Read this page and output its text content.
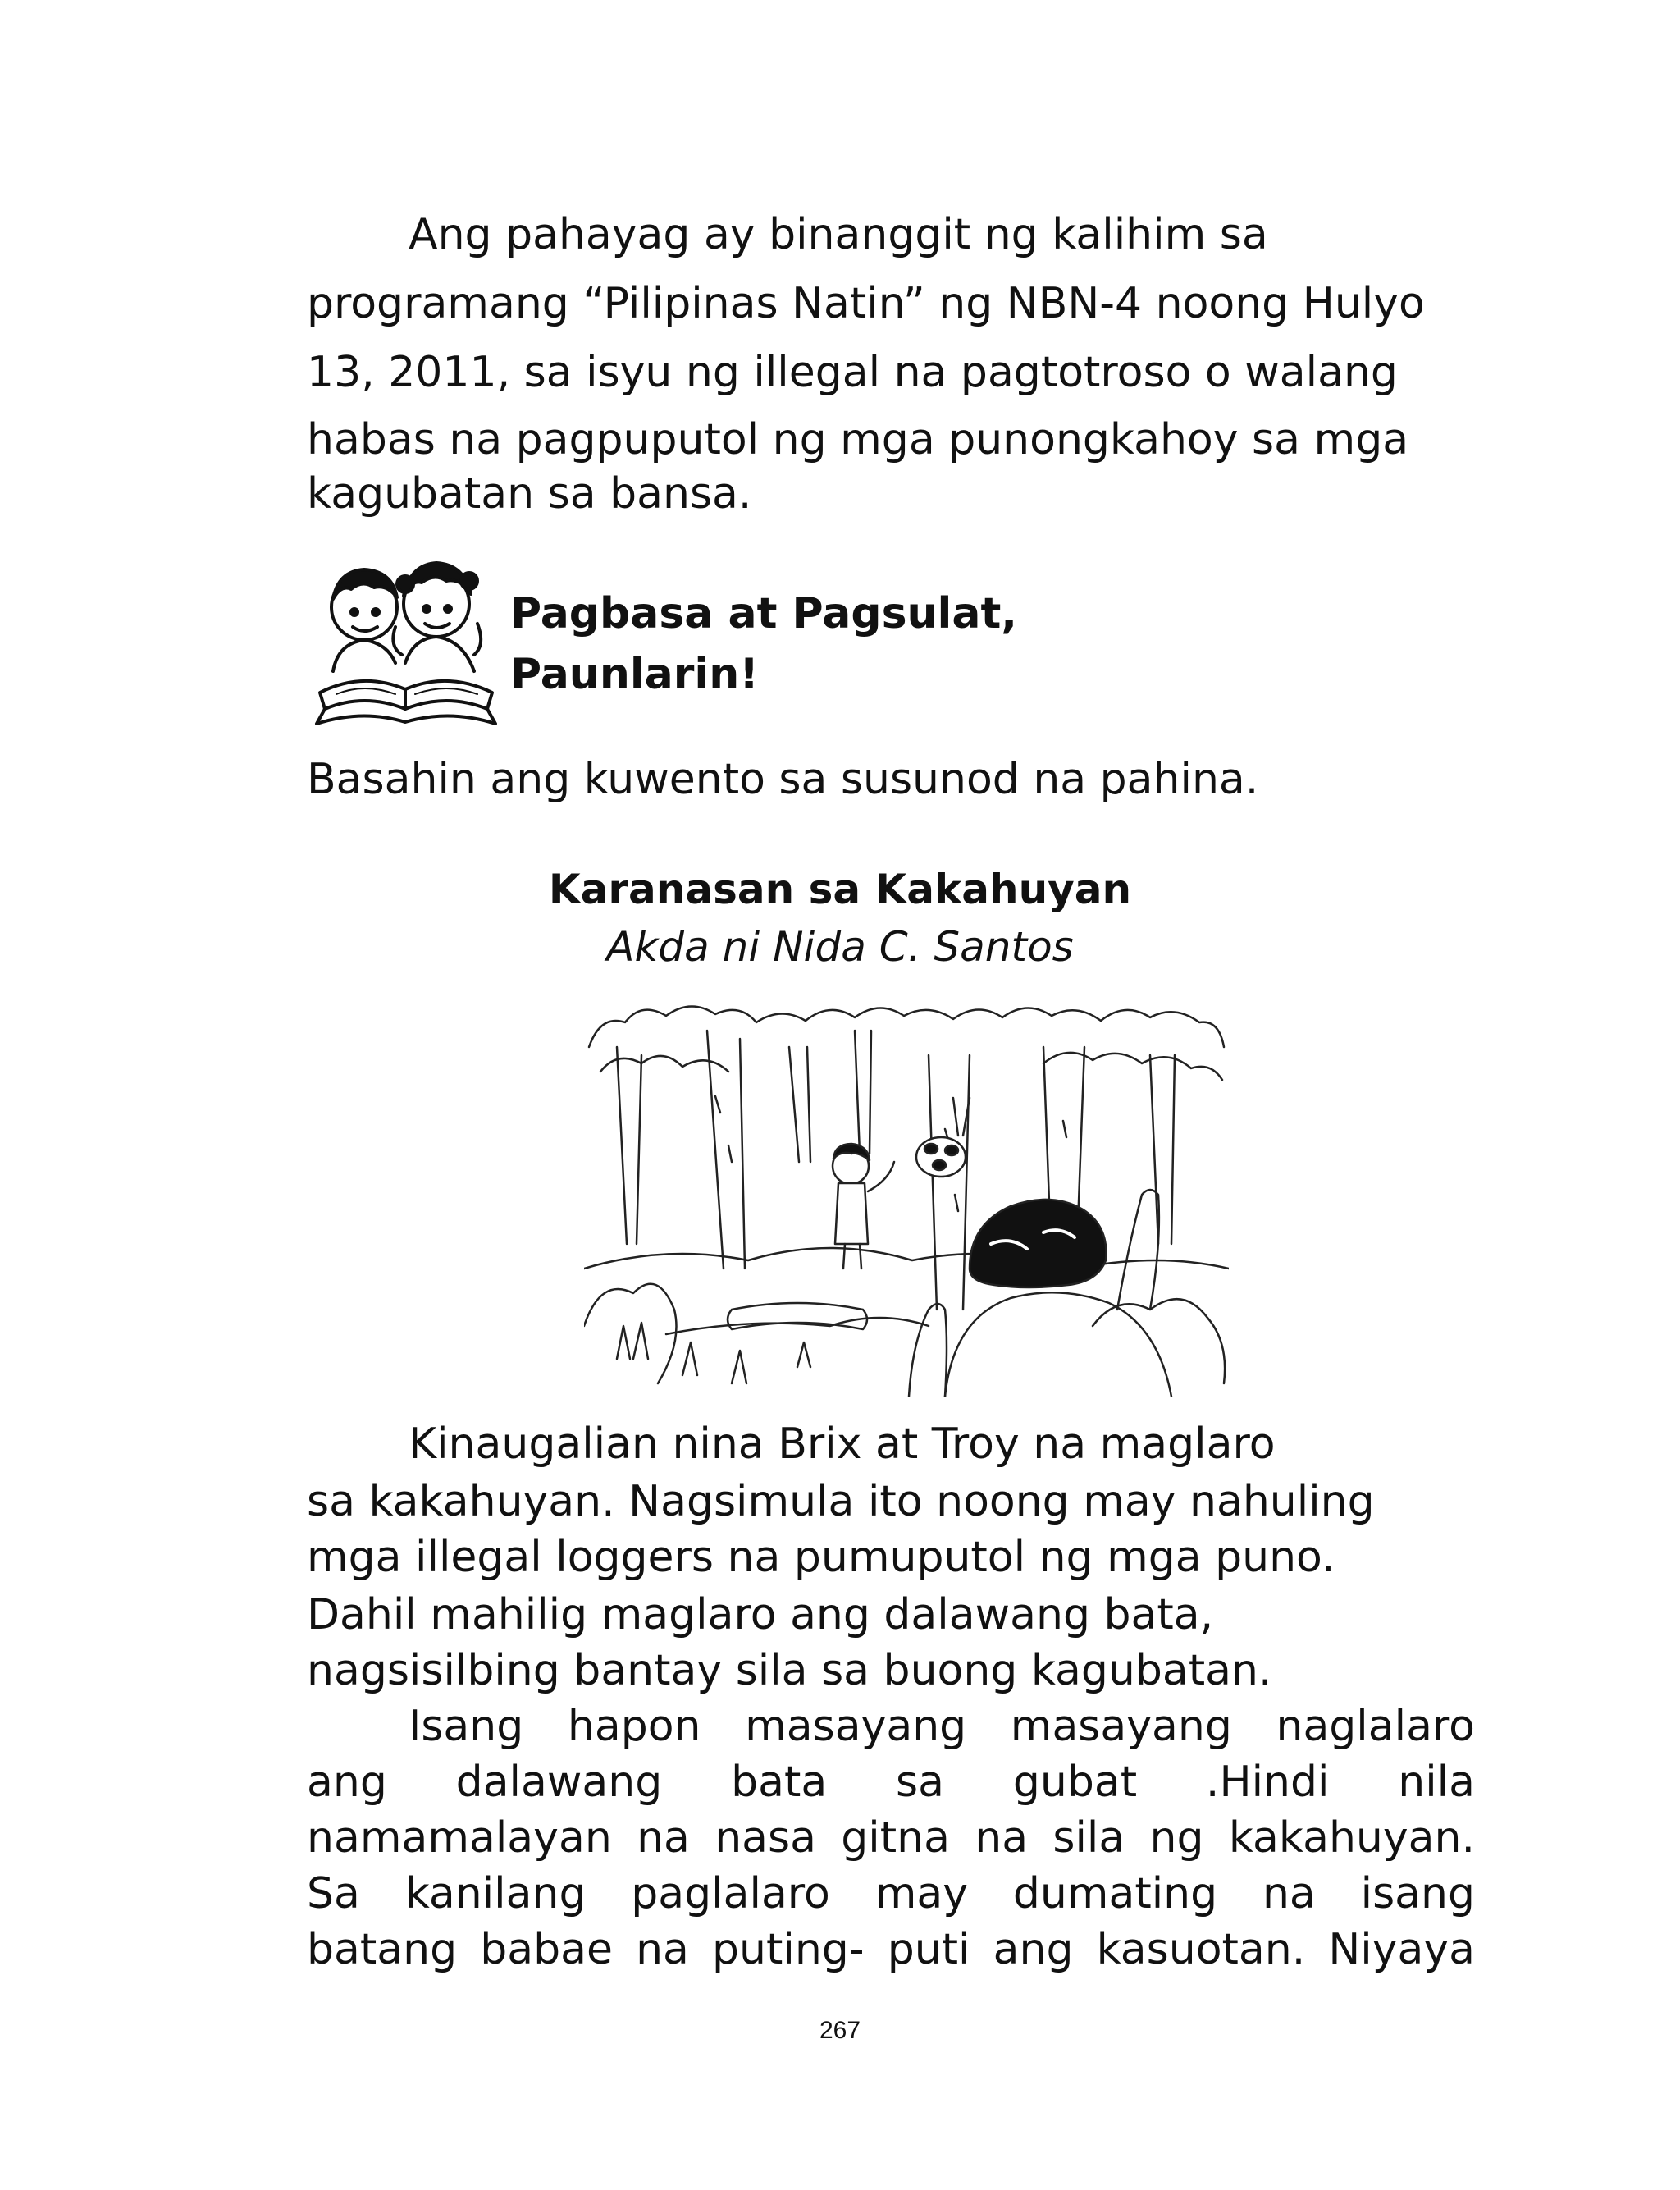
Ang pahayag ay binanggit ng kalihim sa
programang “Pilipinas Natin” ng NBN-4 noong Hulyo
13, 2011, sa isyu ng illegal na pagtotroso o walang
habas na pagpuputol ng mga punongkahoy sa mga
kagubatan sa bansa.
Pagbasa at Pagsulat,
Paunlarin!
Basahin ang kuwento sa susunod na pahina.
Karanasan sa Kakahuyan
Akda ni Nida C. Santos
Kinaugalian nina Brix at Troy na maglaro
sa kakahuyan. Nagsimula ito noong may nahuling
mga illegal loggers na pumuputol ng mga puno.
Dahil mahilig maglaro ang dalawang bata,
nagsisilbing bantay sila sa buong kagubatan.
Isang hapon masayang masayang naglalaro
ang dalawang bata sa gubat .Hindi nila
namamalayan na nasa gitna na sila ng kakahuyan.
Sa kanilang paglalaro may dumating na isang
batang babae na puting- puti ang kasuotan. Niyaya
267
